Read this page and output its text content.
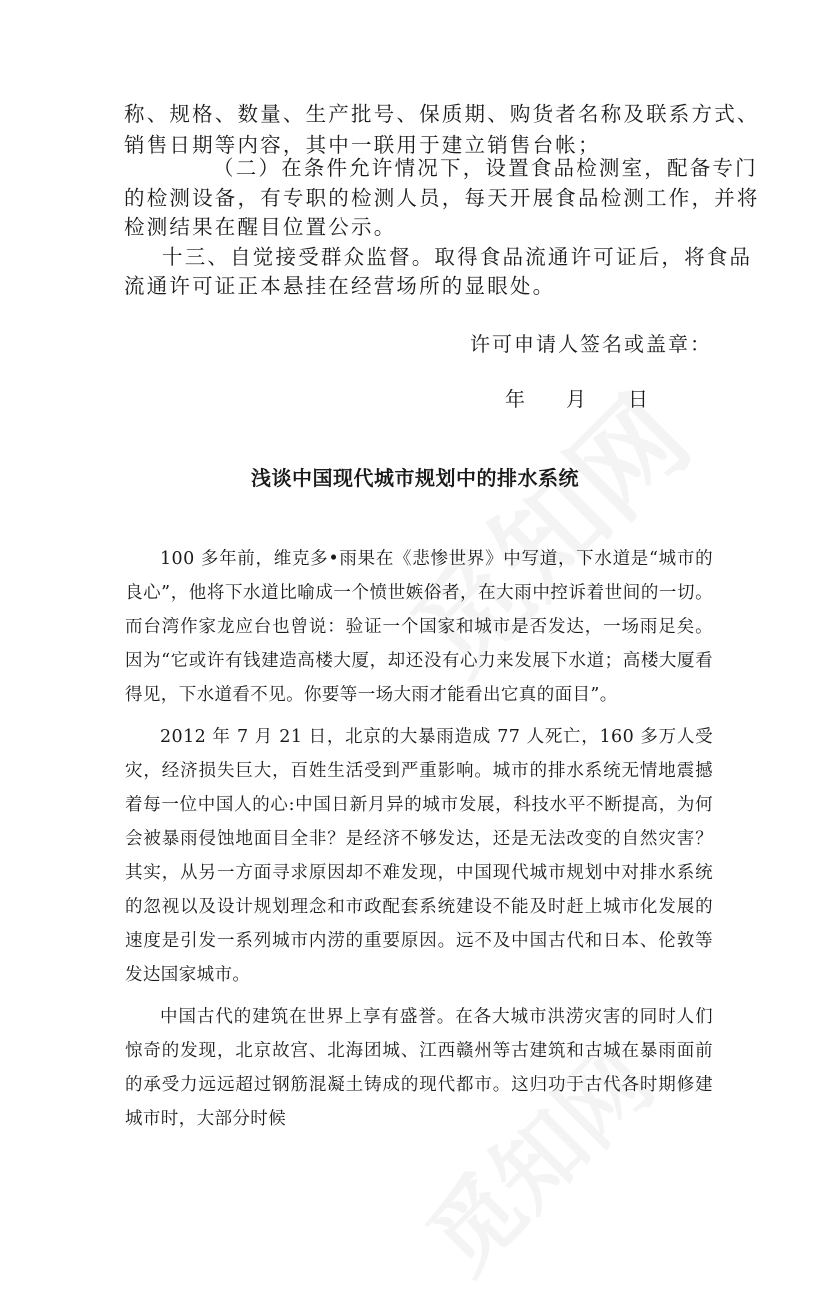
称、规格、数量、生产批号、保质期、购货者名称及联系方式、

销售日期等内容，其中一联用于建立销售台帐；

（二）在条件允许情况下，设置食品检测室，配备专门

的检测设备，有专职的检测人员，每天开展食品检测工作，并将

检测结果在醒目位置公示。

十三、自觉接受群众监督。取得食品流通许可证后，将食品

流通许可证正本悬挂在经营场所的显眼处。

许可申请人签名或盖章：

年 月 日

浅谈中国现代城市规划中的排水系统

100 多年前，维克多•雨果在《悲惨世界》中写道，下水道是“城市的良心”，他将下水道比喻成一个愤世嫉俗者，在大雨中控诉着世间的一切。而台湾作家龙应台也曾说：验证一个国家和城市是否发达，一场雨足矣。因为“它或许有钱建造高楼大厦，却还没有心力来发展下水道；高楼大厦看得见，下水道看不见。你要等一场大雨才能看出它真的面目”。

2012 年 7 月 21 日，北京的大暴雨造成 77 人死亡，160 多万人受灾，经济损失巨大，百姓生活受到严重影响。城市的排水系统无情地震撼着每一位中国人的心:中国日新月异的城市发展，科技水平不断提高，为何会被暴雨侵蚀地面目全非？是经济不够发达，还是无法改变的自然灾害？其实，从另一方面寻求原因却不难发现，中国现代城市规划中对排水系统的忽视以及设计规划理念和市政配套系统建设不能及时赶上城市化发展的速度是引发一系列城市内涝的重要原因。远不及中国古代和日本、伦敦等发达国家城市。

中国古代的建筑在世界上享有盛誉。在各大城市洪涝灾害的同时人们惊奇的发现，北京故宫、北海团城、江西赣州等古建筑和古城在暴雨面前的承受力远远超过钢筋混凝土铸成的现代都市。这归功于古代各时期修建城市时，大部分时候
